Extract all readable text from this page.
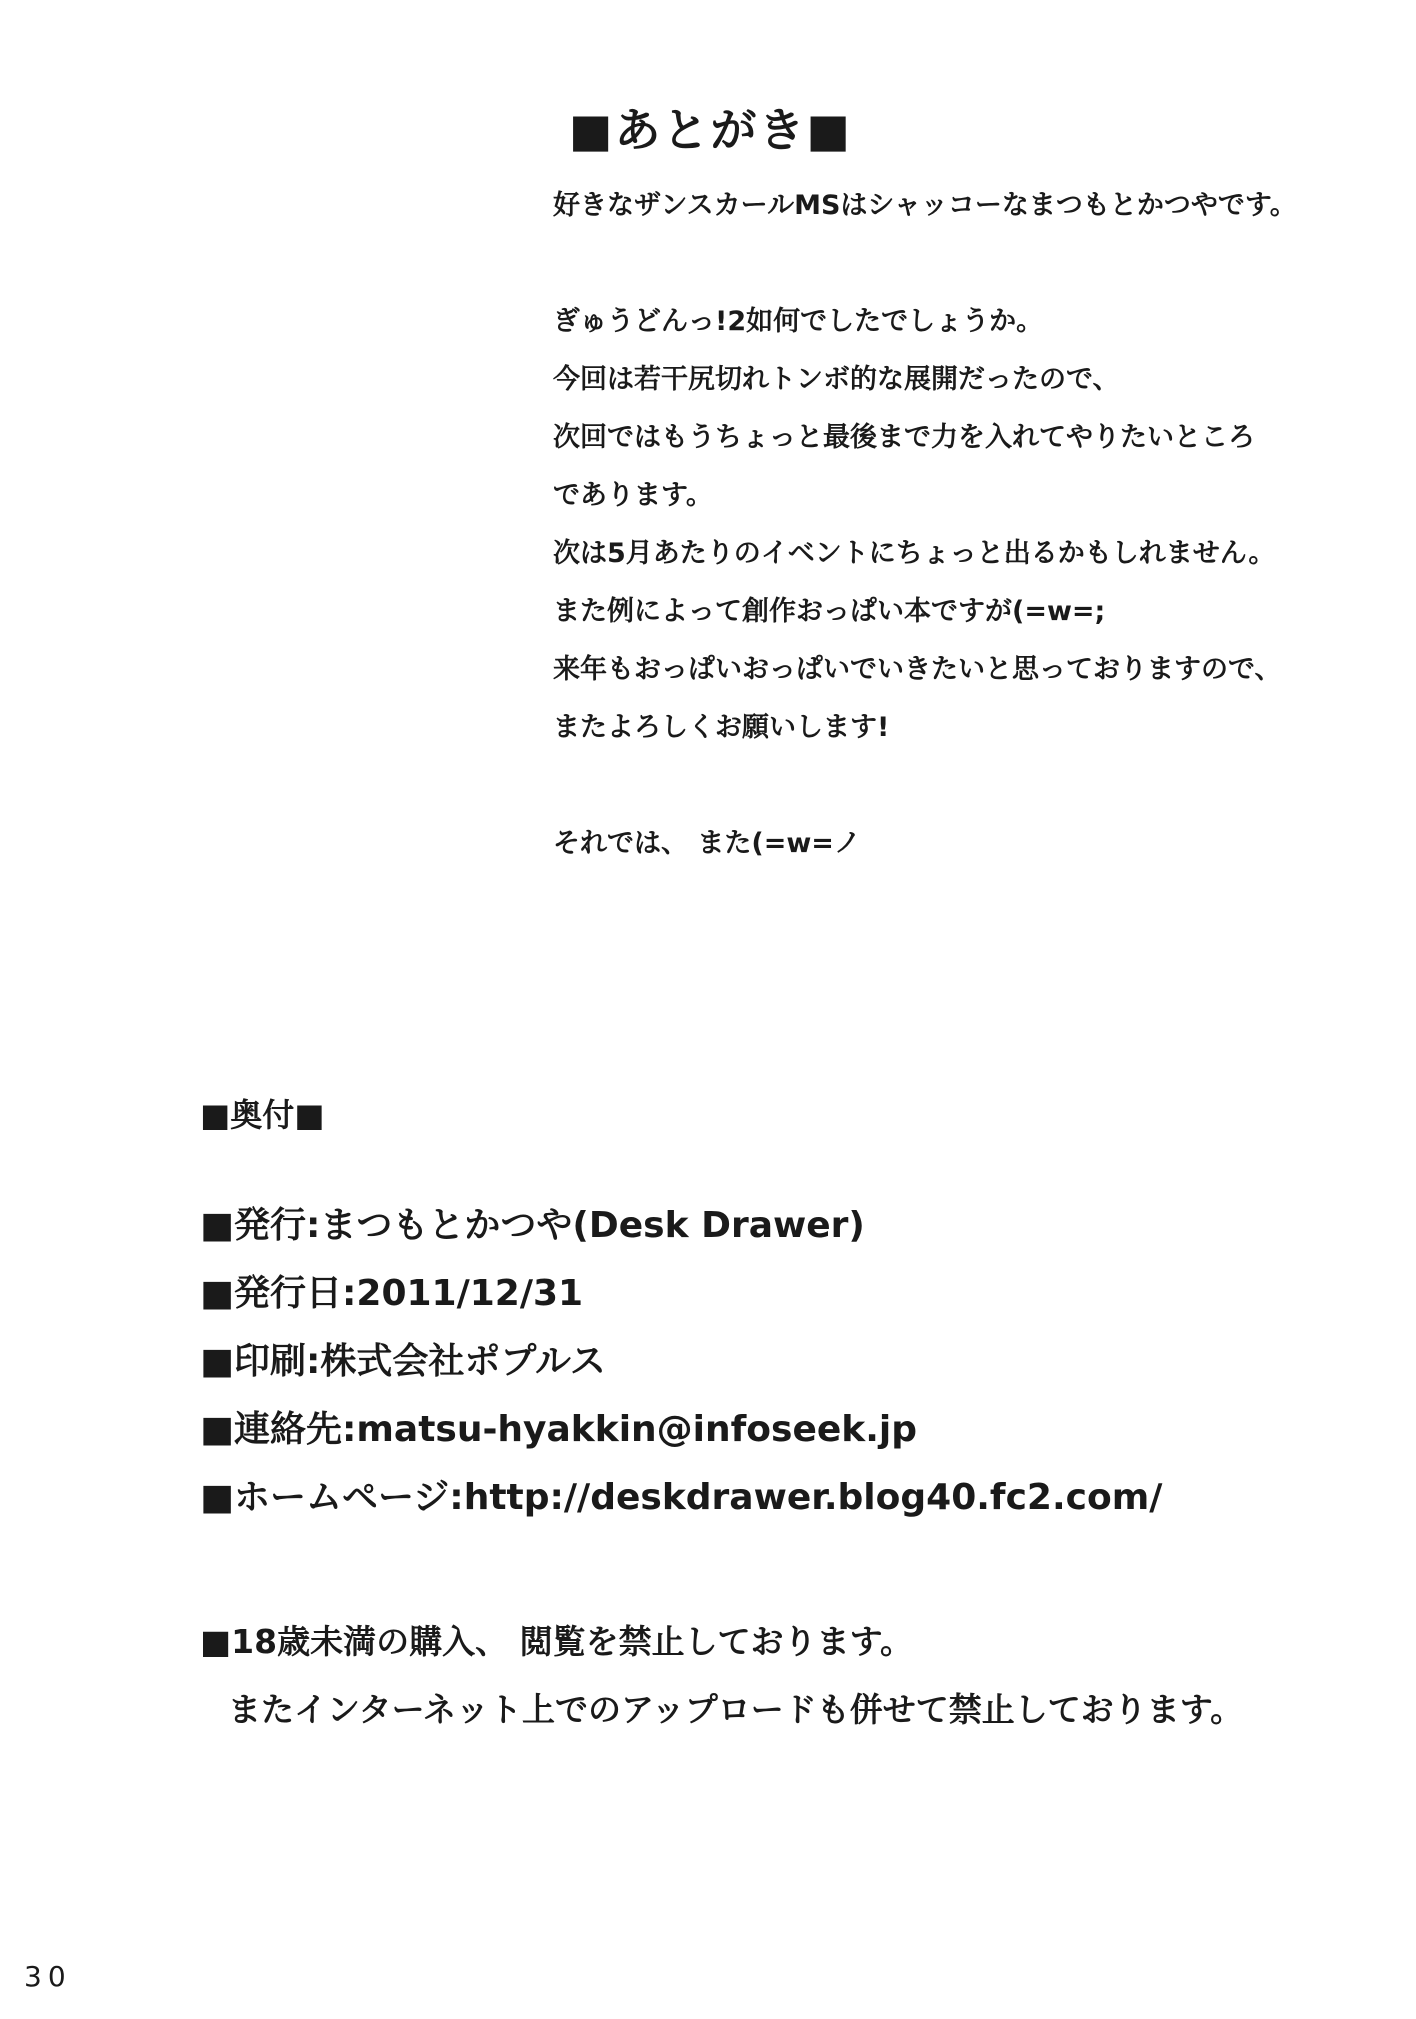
■あとがき■

好きなザンスカールMSはシャッコーなまつもとかつやです。

ぎゅうどんっ!2如何でしたでしょうか。

今回は若干尻切れトンボ的な展開だったので、

次回ではもうちょっと最後まで力を入れてやりたいところ

であります。

次は5月あたりのイベントにちょっと出るかもしれません。

また例によって創作おっぱい本ですが(=w=;

来年もおっぱいおっぱいでいきたいと思っておりますので、

またよろしくお願いします!

それでは、 また(=w=ノ

■奥付■

■発行:まつもとかつや(Desk Drawer)

■発行日:2011/12/31

■印刷:株式会社ポプルス

■連絡先:matsu-hyakkin@infoseek.jp

■ホームページ:http://deskdrawer.blog40.fc2.com/

■18歳未満の購入、 閲覧を禁止しております。

またインターネット上でのアップロードも併せて禁止しております。

30
